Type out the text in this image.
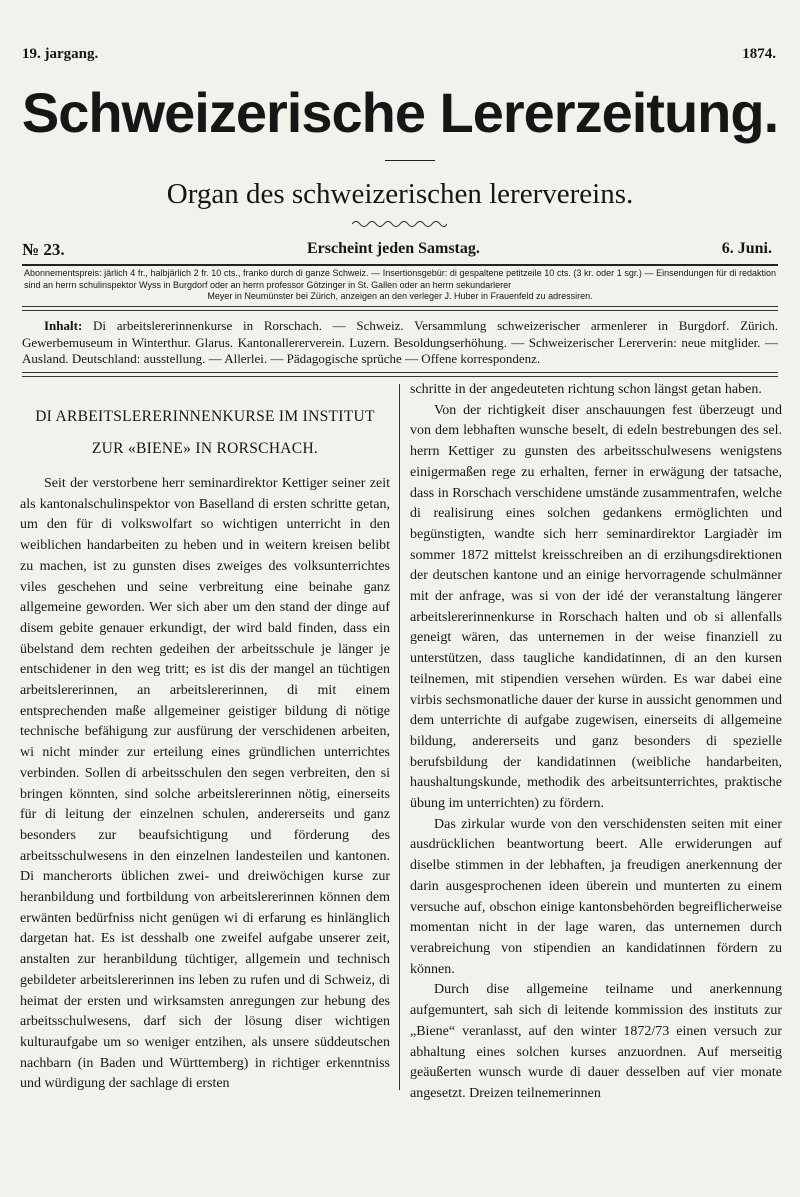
19. jargang.	1874.
Schweizerische Lererzeitung.
Organ des schweizerischen lerervereins.
№ 23.	Erscheint jeden Samstag.	6. Juni.
Abonnementspreis: järlich 4 fr., halbjärlich 2 fr. 10 cts., franko durch di ganze Schweiz. — Insertionsgebür: di gespaltene petitzeile 10 cts. (3 kr. oder 1 sgr.) — Einsendungen für di redaktion sind an herrn schulinspektor Wyss in Burgdorf oder an herrn professor Götzinger in St. Gallen oder an herrn sekundarlerer
Meyer in Neumünster bei Zürich, anzeigen an den verleger J. Huber in Frauenfeld zu adressiren.
Inhalt: Di arbeitslererinnenkurse in Rorschach. — Schweiz. Versammlung schweizerischer armenlerer in Burgdorf. Zürich. Gewerbemuseum in Winterthur. Glarus. Kantonallererverein. Luzern. Besoldungserhöhung. — Schweizerischer Lererverin: neue mitglider. — Ausland. Deutschland: ausstellung. — Allerlei. — Pädagogische sprüche — Offene korrespondenz.
DI ARBEITSLERERINNENKURSE IM INSTITUT
ZUR «BIENE» IN RORSCHACH.

Seit der verstorbene herr seminardirektor Kettiger seiner zeit als kantonalschulinspektor von Baselland di ersten schritte getan, um den für di volkswolfart so wichtigen unterricht in den weiblichen handarbeiten zu heben und in weitern kreisen belibt zu machen, ist zu gunsten dises zweiges des volksunterrichtes viles geschehen und seine verbreitung eine beinahe ganz allgemeine geworden. Wer sich aber um den stand der dinge auf disem gebite genauer erkundigt, der wird bald finden, dass ein übelstand dem rechten gedeihen der arbeitsschule je länger je entschidener in den weg tritt; es ist dis der mangel an tüchtigen arbeitslererinnen, an arbeitslererinnen, di mit einem entsprechenden maße allgemeiner geistiger bildung di nötige technische befähigung zur ausfürung der verschidenen arbeiten, wi nicht minder zur erteilung eines gründlichen unterrichtes verbinden. Sollen di arbeitsschulen den segen verbreiten, den si bringen könnten, sind solche arbeitslererinnen nötig, einerseits für di leitung der einzelnen schulen, andererseits und ganz besonders zur beaufsichtigung und förderung des arbeitsschulwesens in den einzelnen landesteilen und kantonen. Di mancherorts üblichen zwei- und dreiwöchigen kurse zur heranbildung und fortbildung von arbeitslererinnen können dem erwänten bedürfniss nicht genügen wi di erfarung es hinlänglich dargetan hat. Es ist desshalb one zweifel aufgabe unserer zeit, anstalten zur heranbildung tüchtiger, allgemein und technisch gebildeter arbeitslererinnen ins leben zu rufen und di Schweiz, di heimat der ersten und wirksamsten anregungen zur hebung des arbeitsschulwesens, darf sich der lösung diser wichtigen kulturaufgabe um so weniger entzihen, als unsere süddeutschen nachbarn (in Baden und Württemberg) in richtiger erkenntniss und würdigung der sachlage di ersten

schritte in der angedeuteten richtung schon längst getan haben.

Von der richtigkeit diser anschauungen fest überzeugt und von dem lebhaften wunsche beselt, di edeln bestrebungen des sel. herrn Kettiger zu gunsten des arbeitsschulwesens wenigstens einigermaßen rege zu erhalten, ferner in erwägung der tatsache, dass in Rorschach verschidene umstände zusammentrafen, welche di realisirung eines solchen gedankens ermöglichten und begünstigten, wandte sich herr seminardirektor Largiadèr im sommer 1872 mittelst kreisschreiben an di erzihungsdirektionen der deutschen kantone und an einige hervorragende schulmänner mit der anfrage, was si von der idé der veranstaltung längerer arbeitslererinnenkurse in Rorschach halten und ob si allenfalls geneigt wären, das unternemen in der weise finanziell zu unterstützen, dass taugliche kandidatinnen, di an den kursen teilnemen, mit stipendien versehen würden. Es war dabei eine virbis sechsmonatliche dauer der kurse in aussicht genommen und dem unterrichte di aufgabe zugewisen, einerseits di allgemeine bildung, andererseits und ganz besonders di spezielle berufsbildung der kandidatinnen (weibliche handarbeiten, haushaltungskunde, methodik des arbeitsunterrichtes, praktische übung im unterrichten) zu fördern.

Das zirkular wurde von den verschidensten seiten mit einer ausdrücklichen beantwortung beert. Alle erwiderungen auf diselbe stimmen in der lebhaften, ja freudigen anerkennung der darin ausgesprochenen ideen überein und munterten zu einem versuche auf, obschon einige kantonsbehörden begreiflicherweise momentan nicht in der lage waren, das unternemen durch verabreichung von stipendien an kandidatinnen fördern zu können.

Durch dise allgemeine teilname und anerkennung aufgemuntert, sah sich di leitende kommission des instituts zur „Biene“ veranlasst, auf den winter 1872/73 einen versuch zur abhaltung eines solchen kurses anzuordnen. Auf merseitig geäußerten wunsch wurde di dauer desselben auf vier monate angesetzt. Dreizen teilnemerinnen
